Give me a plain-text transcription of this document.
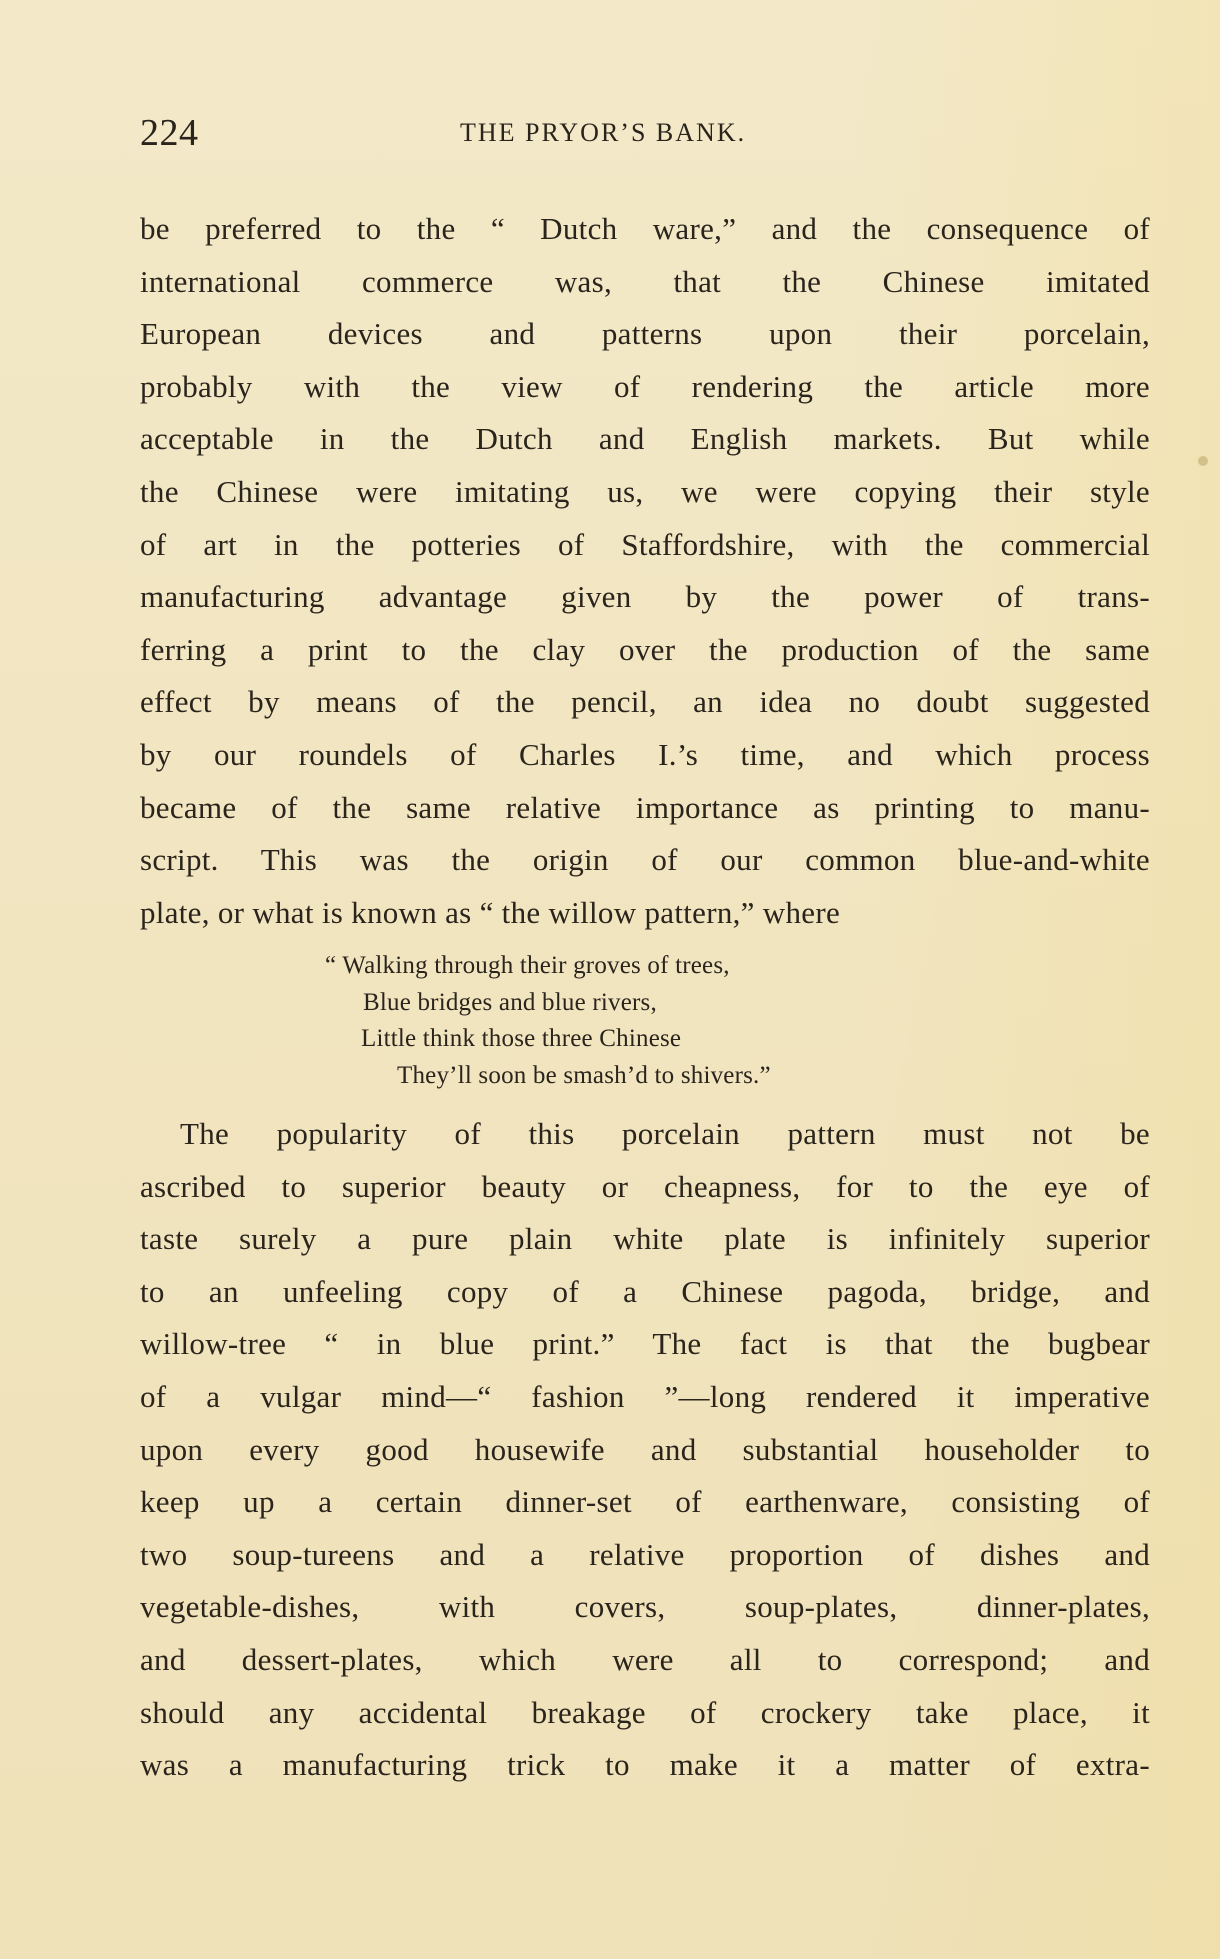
224	THE PRYOR’S BANK.
be preferred to the “ Dutch ware,” and the consequence of
international commerce was, that the Chinese imitated
European devices and patterns upon their porcelain,
probably with the view of rendering the article more
acceptable in the Dutch and English markets. But while
the Chinese were imitating us, we were copying their style
of art in the potteries of Staffordshire, with the commercial
manufacturing advantage given by the power of trans-
ferring a print to the clay over the production of the same
effect by means of the pencil, an idea no doubt suggested
by our roundels of Charles I.’s time, and which process
became of the same relative importance as printing to manu-
script. This was the origin of our common blue-and-white
plate, or what is known as “ the willow pattern,” where
“ Walking through their groves of trees,
Blue bridges and blue rivers,
Little think those three Chinese
They’ll soon be smash’d to shivers.”
The popularity of this porcelain pattern must not be
ascribed to superior beauty or cheapness, for to the eye of
taste surely a pure plain white plate is infinitely superior
to an unfeeling copy of a Chinese pagoda, bridge, and
willow-tree “ in blue print.” The fact is that the bugbear
of a vulgar mind—“ fashion ”—long rendered it imperative
upon every good housewife and substantial householder to
keep up a certain dinner-set of earthenware, consisting of
two soup-tureens and a relative proportion of dishes and
vegetable-dishes, with covers, soup-plates, dinner-plates,
and dessert-plates, which were all to correspond; and
should any accidental breakage of crockery take place, it
was a manufacturing trick to make it a matter of extra-
